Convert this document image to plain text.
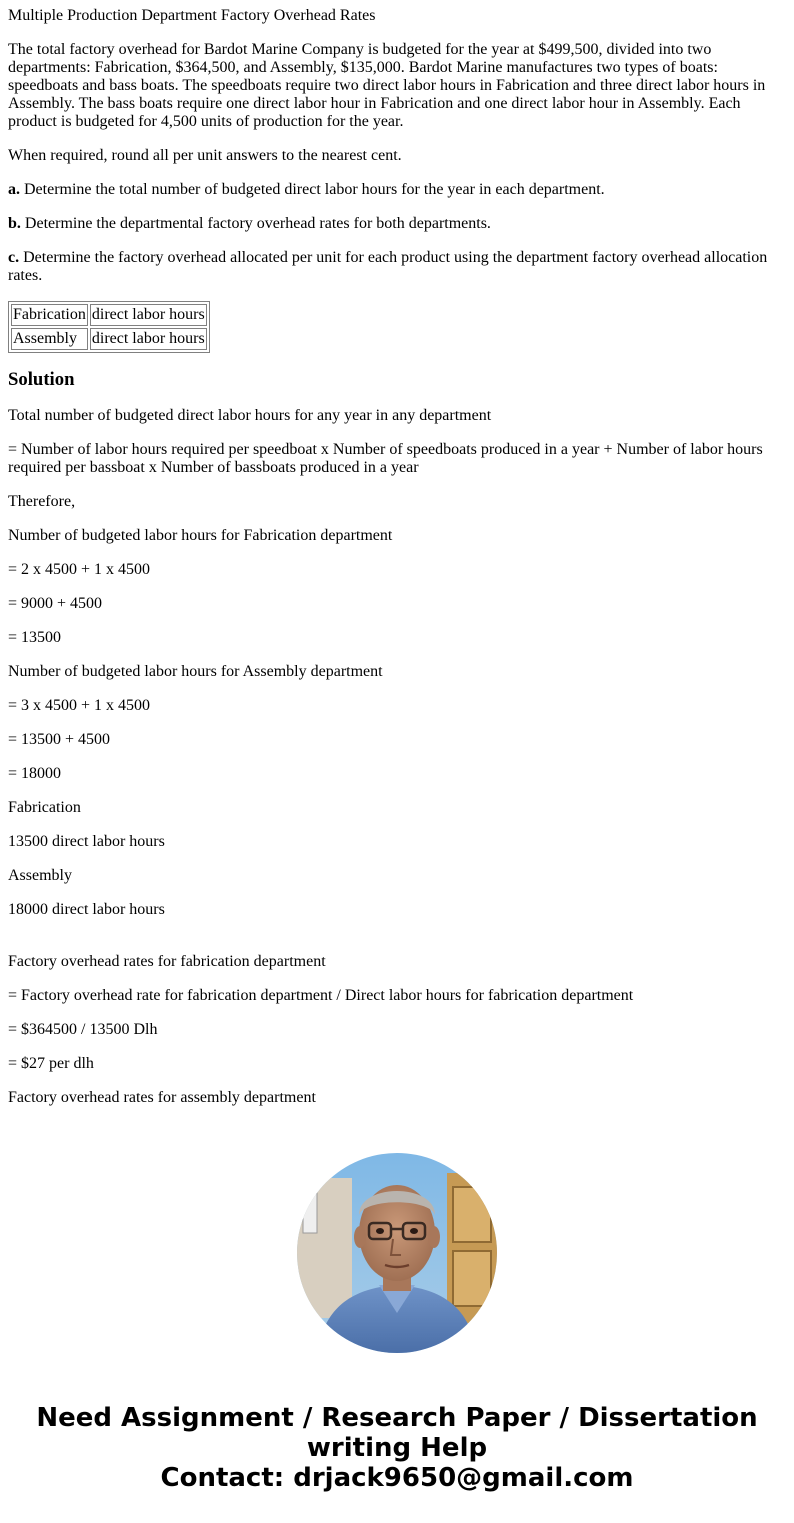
Multiple Production Department Factory Overhead Rates

The total factory overhead for Bardot Marine Company is budgeted for the year at $499,500, divided into two departments: Fabrication, $364,500, and Assembly, $135,000. Bardot Marine manufactures two types of boats: speedboats and bass boats. The speedboats require two direct labor hours in Fabrication and three direct labor hours in Assembly. The bass boats require one direct labor hour in Fabrication and one direct labor hour in Assembly. Each product is budgeted for 4,500 units of production for the year.

When required, round all per unit answers to the nearest cent.

a. Determine the total number of budgeted direct labor hours for the year in each department.

b. Determine the departmental factory overhead rates for both departments.

c. Determine the factory overhead allocated per unit for each product using the department factory overhead allocation rates.

Fabrication	direct labor hours
Assembly	direct labor hours
Solution

Total number of budgeted direct labor hours for any year in any department

= Number of labor hours required per speedboat x Number of speedboats produced in a year + Number of labor hours required per bassboat x Number of bassboats produced in a year

Therefore,

Number of budgeted labor hours for Fabrication department

= 2 x 4500 + 1 x 4500

= 9000 + 4500

= 13500

Number of budgeted labor hours for Assembly department

= 3 x 4500 + 1 x 4500

= 13500 + 4500

= 18000

Fabrication

13500 direct labor hours

Assembly

18000 direct labor hours

Factory overhead rates for fabrication department

= Factory overhead rate for fabrication department / Direct labor hours for fabrication department

= $364500 / 13500 Dlh

= $27 per dlh

Factory overhead rates for assembly department

Need Assignment / Research Paper / Dissertation
writing Help
Contact: drjack9650@gmail.com
